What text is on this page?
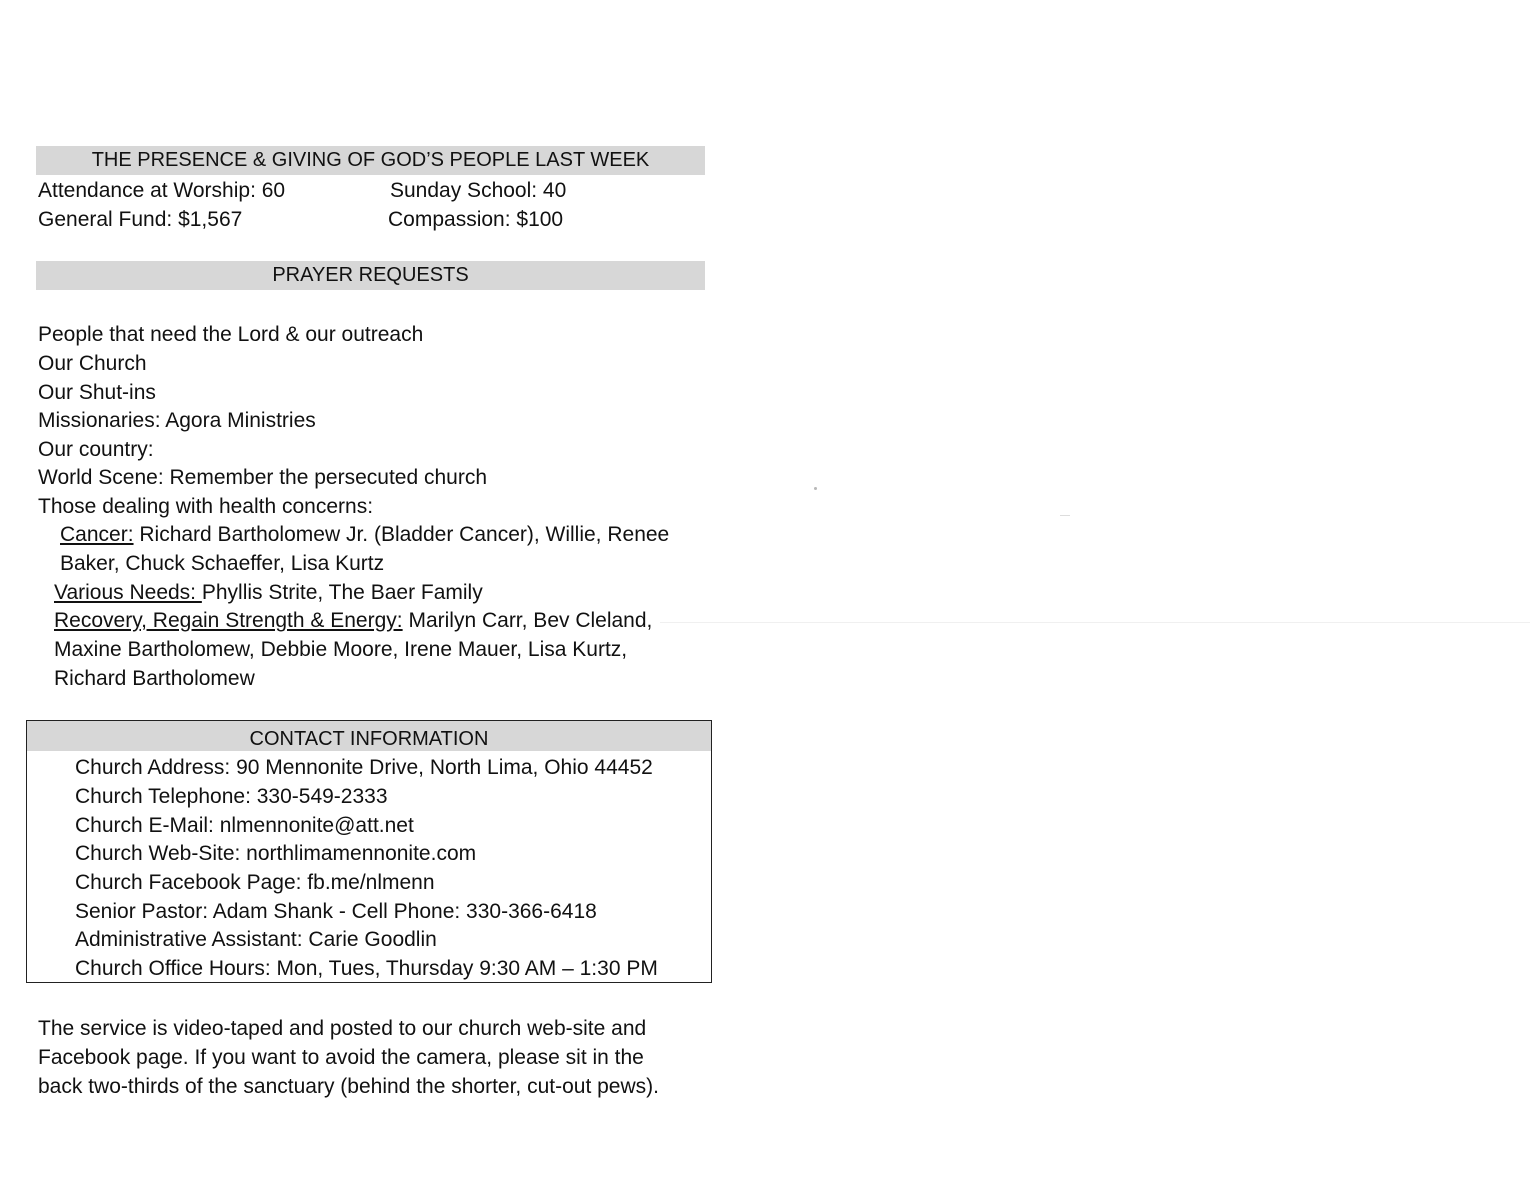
THE PRESENCE & GIVING OF GOD’S PEOPLE LAST WEEK
Attendance at Worship: 60	Sunday School: 40
General Fund: $1,567	Compassion: $100
PRAYER REQUESTS
People that need the Lord & our outreach
Our Church
Our Shut-ins
Missionaries: Agora Ministries
Our country:
World Scene: Remember the persecuted church
Those dealing with health concerns:
Cancer: Richard Bartholomew Jr. (Bladder Cancer), Willie, Renee
Baker, Chuck Schaeffer, Lisa Kurtz
Various Needs: Phyllis Strite, The Baer Family
Recovery, Regain Strength & Energy: Marilyn Carr, Bev Cleland,
Maxine Bartholomew, Debbie Moore, Irene Mauer, Lisa Kurtz,
Richard Bartholomew
CONTACT INFORMATION
Church Address: 90 Mennonite Drive, North Lima, Ohio 44452
Church Telephone: 330-549-2333
Church E-Mail: nlmennonite@att.net
Church Web-Site: northlimamennonite.com
Church Facebook Page: fb.me/nlmenn
Senior Pastor: Adam Shank - Cell Phone: 330-366-6418
Administrative Assistant: Carie Goodlin
Church Office Hours: Mon, Tues, Thursday 9:30 AM – 1:30 PM
The service is video-taped and posted to our church web-site and
Facebook page. If you want to avoid the camera, please sit in the
back two-thirds of the sanctuary (behind the shorter, cut-out pews).
